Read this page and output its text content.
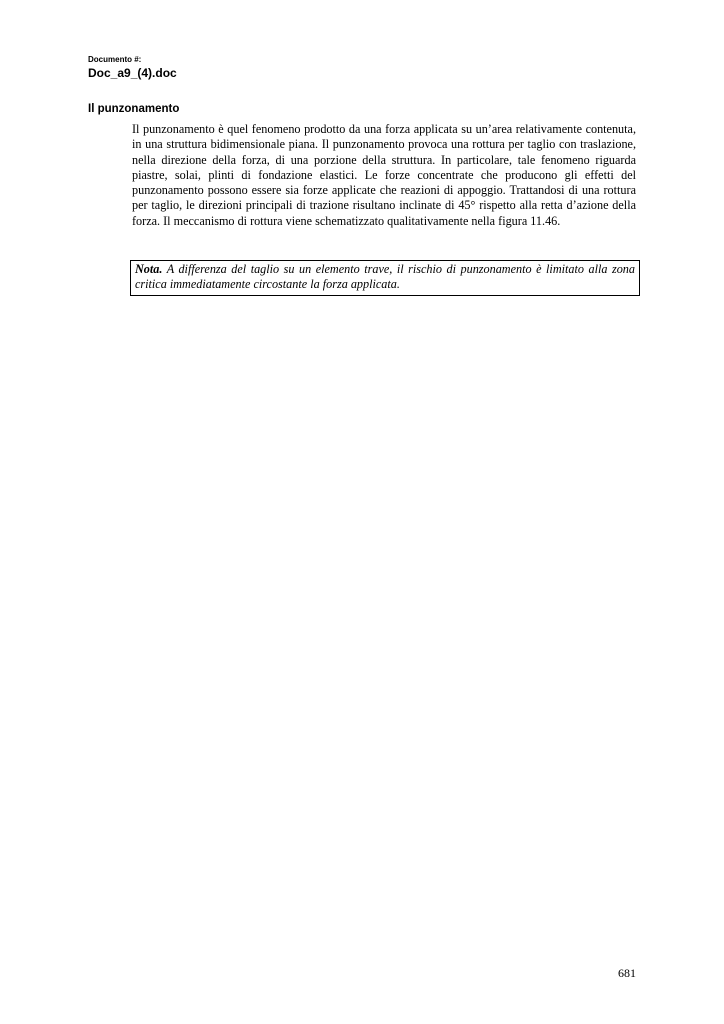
Documento #:
Doc_a9_(4).doc
Il punzonamento
Il punzonamento è quel fenomeno prodotto da una forza applicata su un’area relativamente contenuta, in una struttura bidimensionale piana. Il punzonamento provoca una rottura per taglio con traslazione, nella direzione della forza, di una porzione della struttura. In particolare, tale fenomeno riguarda piastre, solai, plinti di fondazione elastici. Le forze concentrate che producono gli effetti del punzonamento possono essere sia forze applicate che reazioni di appoggio. Trattandosi di una rottura per taglio, le direzioni principali di trazione risultano inclinate di 45° rispetto alla retta d’azione della forza. Il meccanismo di rottura viene schematizzato qualitativamente nella figura 11.46.
Nota. A differenza del taglio su un elemento trave, il rischio di punzonamento è limitato alla zona critica immediatamente circostante la forza applicata.
681
